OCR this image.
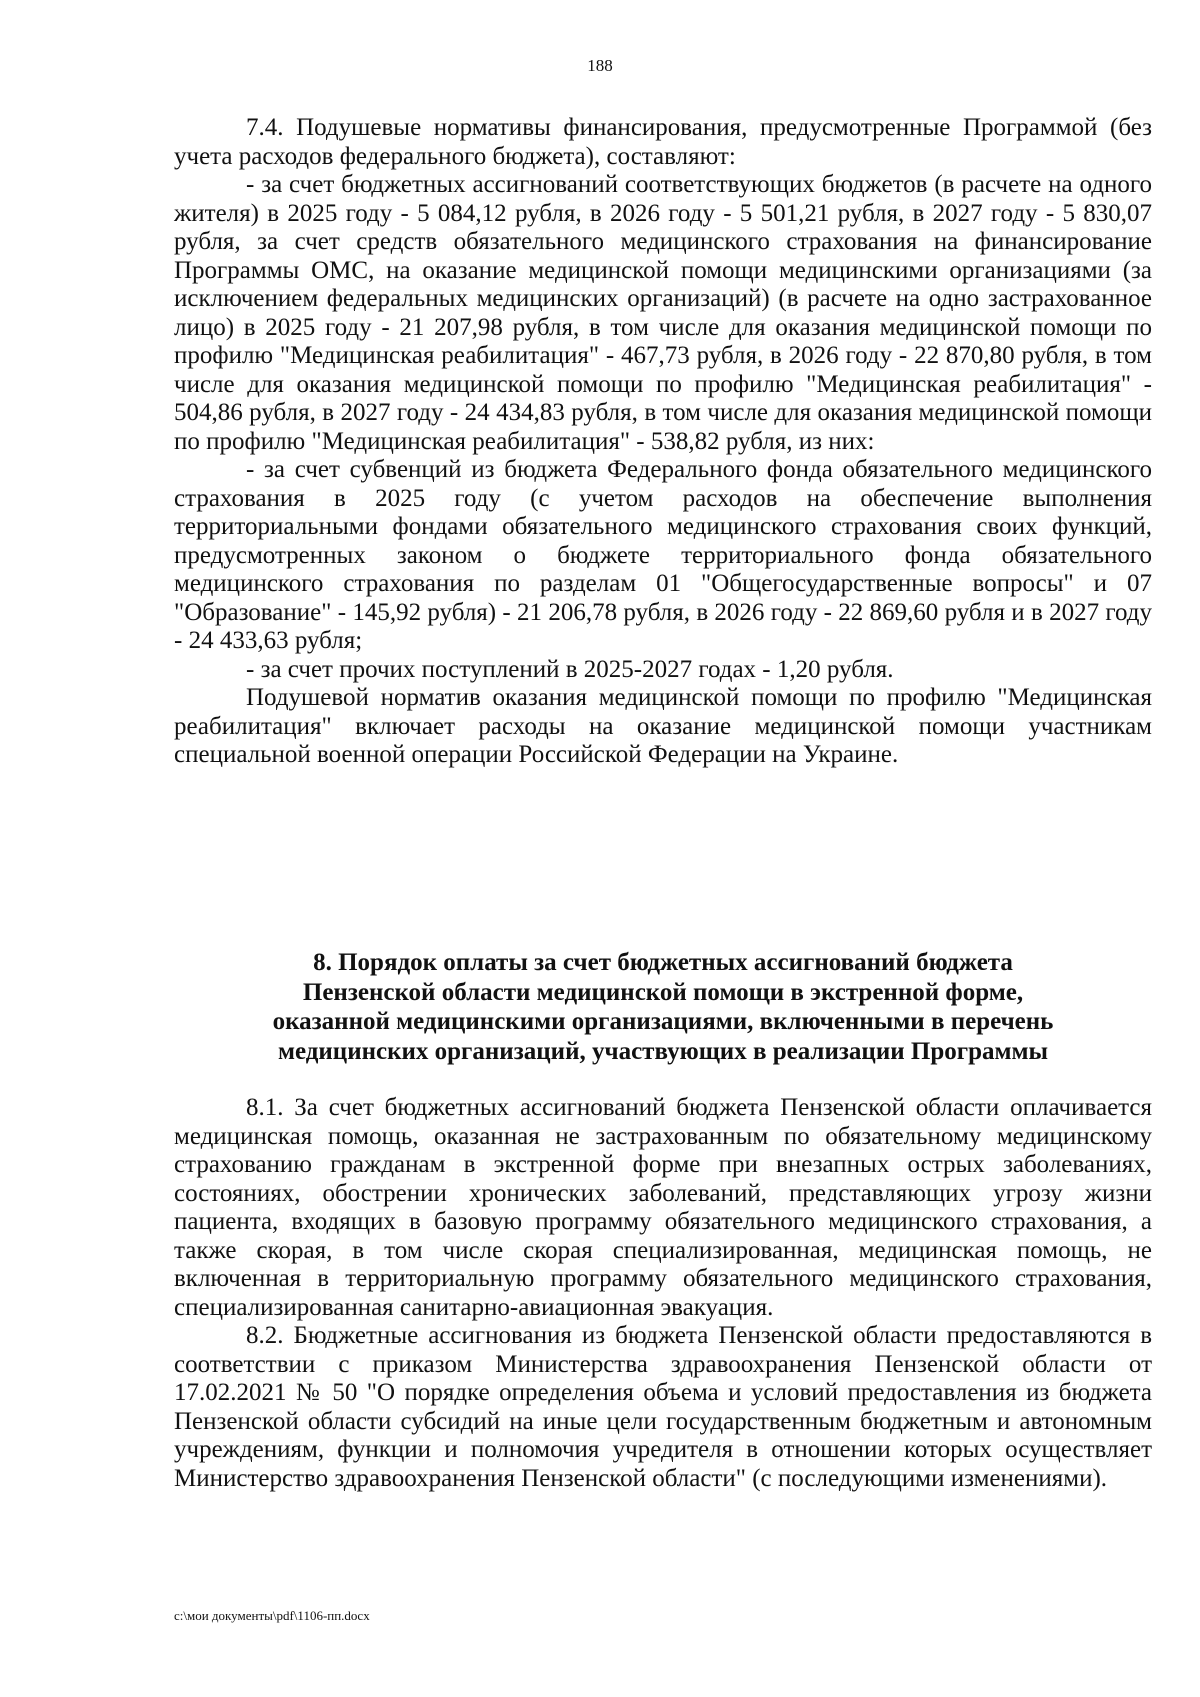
188

7.4. Подушевые нормативы финансирования, предусмотренные Программой (без учета расходов федерального бюджета), составляют:

- за счет бюджетных ассигнований соответствующих бюджетов (в расчете на одного жителя) в 2025 году - 5 084,12 рубля, в 2026 году - 5 501,21 рубля, в 2027 году - 5 830,07 рубля, за счет средств обязательного медицинского страхования на финансирование Программы ОМС, на оказание медицинской помощи медицинскими организациями (за исключением федеральных медицинских организаций) (в расчете на одно застрахованное лицо) в 2025 году - 21 207,98 рубля, в том числе для оказания медицинской помощи по профилю "Медицинская реабилитация" - 467,73 рубля, в 2026 году - 22 870,80 рубля, в том числе для оказания медицинской помощи по профилю "Медицинская реабилитация" - 504,86 рубля, в 2027 году - 24 434,83 рубля, в том числе для оказания медицинской помощи по профилю "Медицинская реабилитация" - 538,82 рубля, из них:

- за счет субвенций из бюджета Федерального фонда обязательного медицинского страхования в 2025 году (с учетом расходов на обеспечение выполнения территориальными фондами обязательного медицинского страхования своих функций, предусмотренных законом о бюджете территориального фонда обязательного медицинского страхования по разделам 01 "Общегосударственные вопросы" и 07 "Образование" - 145,92 рубля) - 21 206,78 рубля, в 2026 году - 22 869,60 рубля и в 2027 году - 24 433,63 рубля;

- за счет прочих поступлений в 2025-2027 годах - 1,20 рубля.

Подушевой норматив оказания медицинской помощи по профилю "Медицинская реабилитация" включает расходы на оказание медицинской помощи участникам специальной военной операции Российской Федерации на Украине.

8. Порядок оплаты за счет бюджетных ассигнований бюджета
Пензенской области медицинской помощи в экстренной форме,
оказанной медицинскими организациями, включенными в перечень
медицинских организаций, участвующих в реализации Программы

8.1. За счет бюджетных ассигнований бюджета Пензенской области оплачивается медицинская помощь, оказанная не застрахованным по обязательному медицинскому страхованию гражданам в экстренной форме при внезапных острых заболеваниях, состояниях, обострении хронических заболеваний, представляющих угрозу жизни пациента, входящих в базовую программу обязательного медицинского страхования, а также скорая, в том числе скорая специализированная, медицинская помощь, не включенная в территориальную программу обязательного медицинского страхования, специализированная санитарно-авиационная эвакуация.

8.2. Бюджетные ассигнования из бюджета Пензенской области предоставляются в соответствии с приказом Министерства здравоохранения Пензенской области от 17.02.2021 № 50 "О порядке определения объема и условий предоставления из бюджета Пензенской области субсидий на иные цели государственным бюджетным и автономным учреждениям, функции и полномочия учредителя в отношении которых осуществляет Министерство здравоохранения Пензенской области" (с последующими изменениями).

c:\мои документы\pdf\1106-пп.docx
